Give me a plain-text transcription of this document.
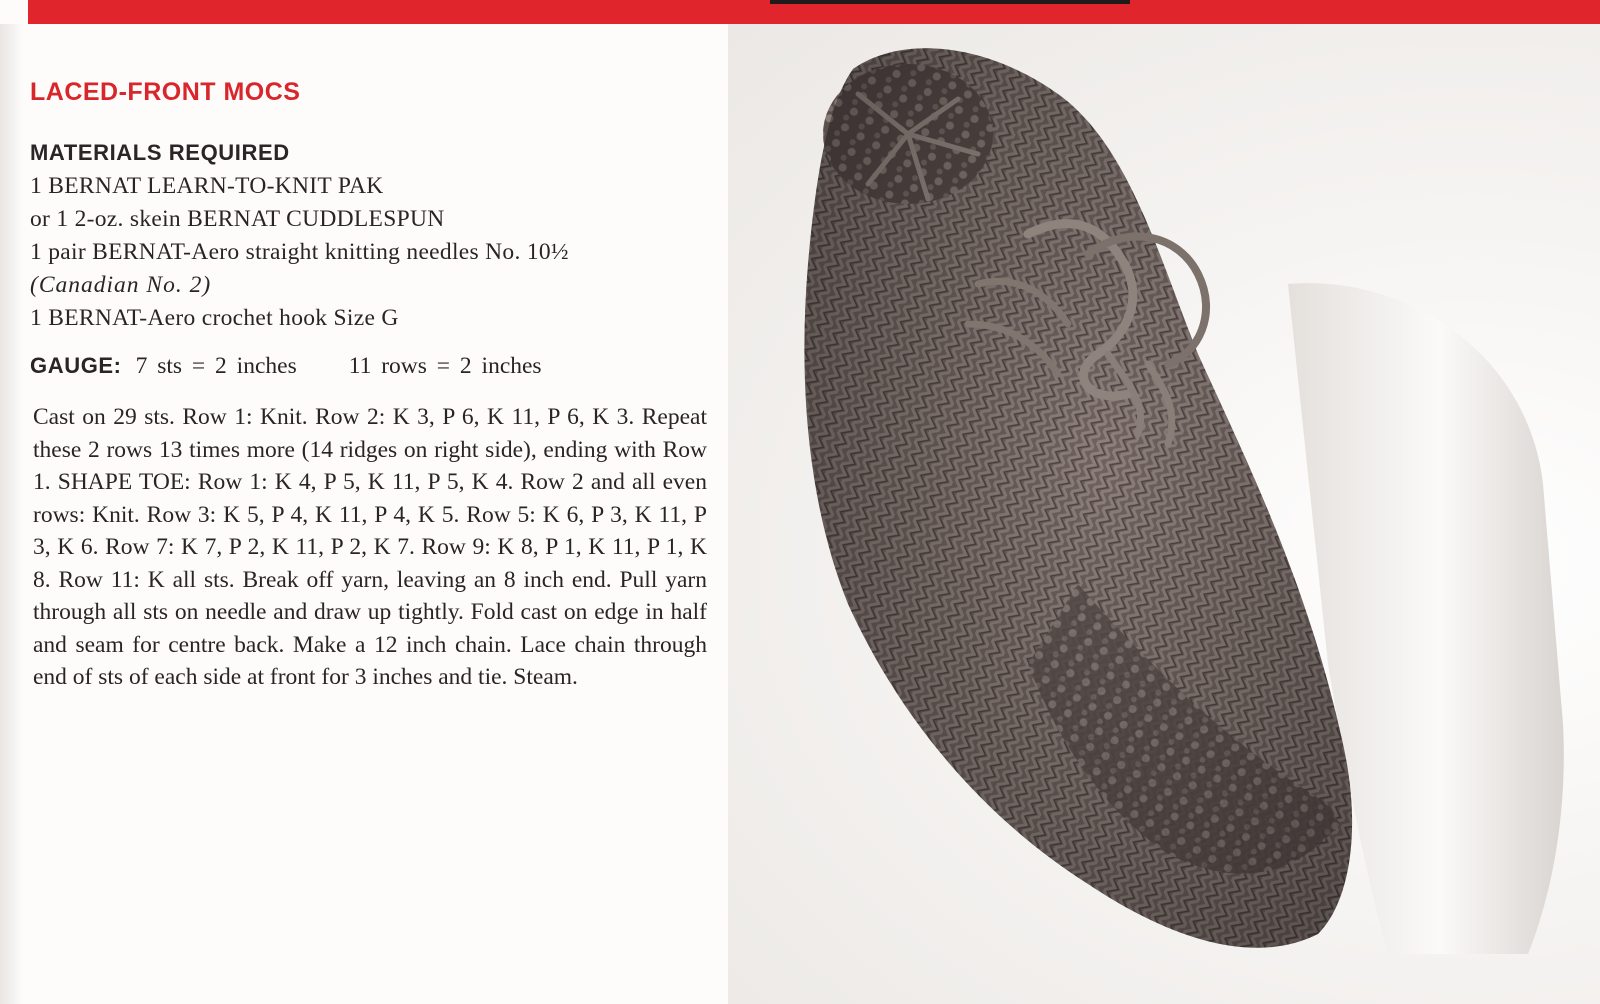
LACED-FRONT MOCS
MATERIALS REQUIRED
1 BERNAT LEARN-TO-KNIT PAK
or 1 2-oz. skein BERNAT CUDDLESPUN
1 pair BERNAT-Aero straight knitting needles No. 10½
(Canadian No. 2)
1 BERNAT-Aero crochet hook Size G
GAUGE: 7 sts = 2 inches 11 rows = 2 inches

Cast on 29 sts. Row 1: Knit. Row 2: K 3, P 6, K 11, P 6, K 3. Repeat these 2 rows 13 times more (14 ridges on right side), ending with Row 1. SHAPE TOE: Row 1: K 4, P 5, K 11, P 5, K 4. Row 2 and all even rows: Knit. Row 3: K 5, P 4, K 11, P 4, K 5. Row 5: K 6, P 3, K 11, P 3, K 6. Row 7: K 7, P 2, K 11, P 2, K 7. Row 9: K 8, P 1, K 11, P 1, K 8. Row 11: K all sts. Break off yarn, leaving an 8 inch end. Pull yarn through all sts on needle and draw up tightly. Fold cast on edge in half and seam for centre back. Make a 12 inch chain. Lace chain through end of sts of each side at front for 3 inches and tie. Steam.
